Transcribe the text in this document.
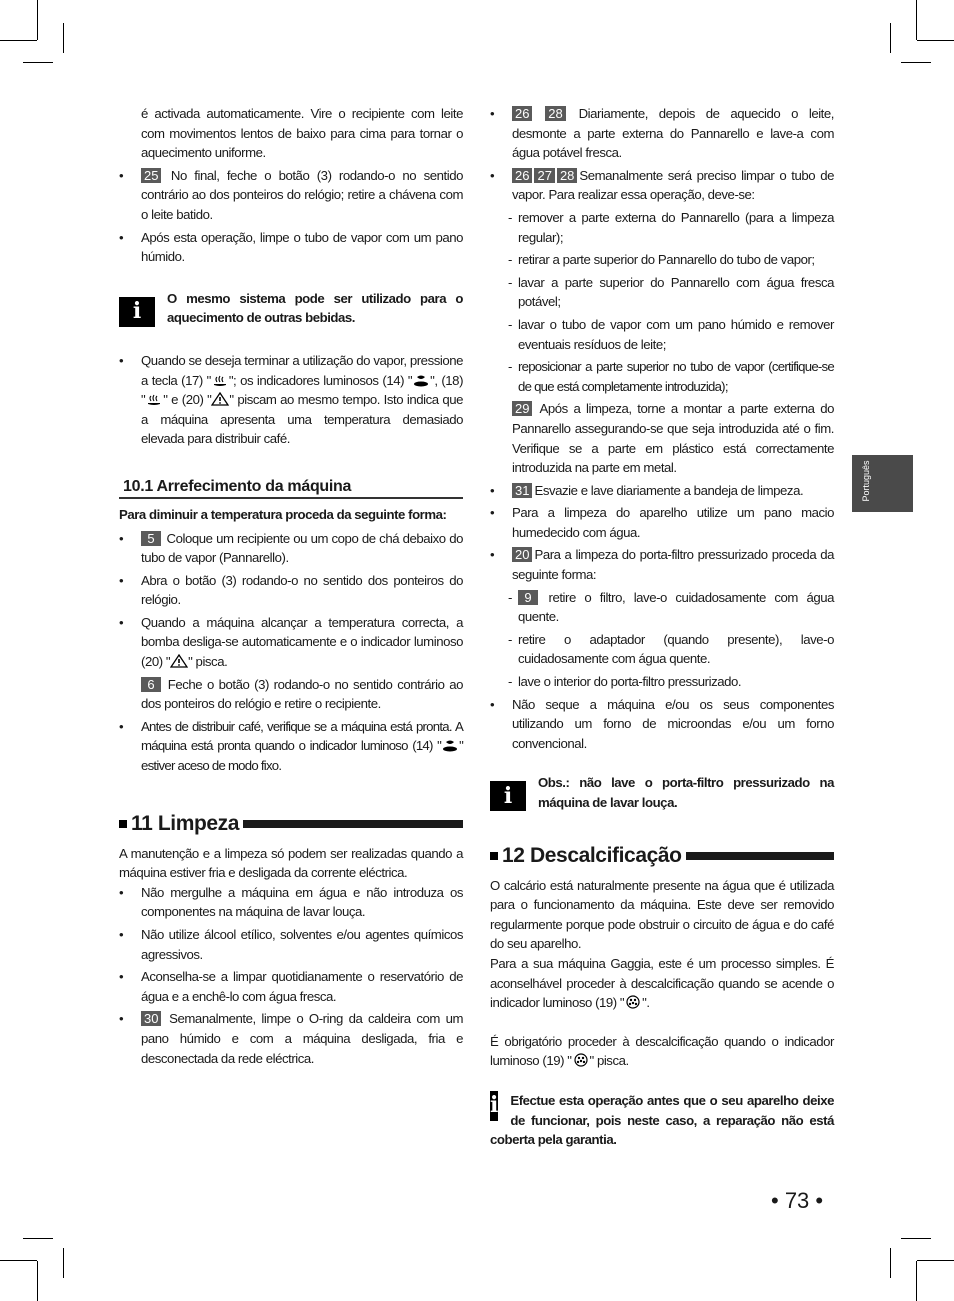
Português

é activada automaticamente. Vire o recipiente com leite com movimentos lentos de baixo para cima para tornar o aquecimento uniforme.

• 25 No final, feche o botão (3) rodando-o no sentido contrário ao dos ponteiros do relógio; retire a chávena com o leite batido.

• Após esta operação, limpe o tubo de vapor com um pano húmido.

i	O mesmo sistema pode ser utilizado para o aquecimento de outras bebidas.

• Quando se deseja terminar a utilização do vapor, pressione a tecla (17) " "; os indicadores luminosos (14) " ", (18) " " e (20) " " piscam ao mesmo tempo. Isto indica que a máquina apresenta uma temperatura demasiado elevada para distribuir café.

10.1 Arrefecimento da máquina

Para diminuir a temperatura proceda da seguinte forma:

• 5 Coloque um recipiente ou um copo de chá debaixo do tubo de vapor (Pannarello).

• Abra o botão (3) rodando-o no sentido dos ponteiros do relógio.

• Quando a máquina alcançar a temperatura correcta, a bomba desliga-se automaticamente e o indicador luminoso (20) " " pisca.

6 Feche o botão (3) rodando-o no sentido contrário ao dos ponteiros do relógio e retire o recipiente.

• Antes de distribuir café, verifique se a máquina está pronta. A máquina está pronta quando o indicador luminoso (14) " " estiver aceso de modo fixo.

11 Limpeza

A manutenção e a limpeza só podem ser realizadas quando a máquina estiver fria e desligada da corrente eléctrica.

• Não mergulhe a máquina em água e não introduza os componentes na máquina de lavar louça.

• Não utilize álcool etílico, solventes e/ou agentes químicos agressivos.

• Aconselha-se a limpar quotidianamente o reservatório de água e a enchê-lo com água fresca.

• 30 Semanalmente, limpe o O-ring da caldeira com um pano húmido e com a máquina desligada, fria e desconectada da rede eléctrica.

• 26 28 Diariamente, depois de aquecido o leite, desmonte a parte externa do Pannarello e lave-a com água potável fresca.

• 26 27 28 Semanalmente será preciso limpar o tubo de vapor. Para realizar essa operação, deve-se:

- remover a parte externa do Pannarello (para a limpeza regular);

- retirar a parte superior do Pannarello do tubo de vapor;

- lavar a parte superior do Pannarello com água fresca potável;

- lavar o tubo de vapor com um pano húmido e remover eventuais resíduos de leite;

- reposicionar a parte superior no tubo de vapor (certifique-se de que está completamente introduzida);

29 Após a limpeza, torne a montar a parte externa do Pannarello assegurando-se que seja introduzida até o fim. Verifique se a parte em plástico está correctamente introduzida na parte em metal.

• 31 Esvazie e lave diariamente a bandeja de limpeza.

• Para a limpeza do aparelho utilize um pano macio humedecido com água.

• 20 Para a limpeza do porta-filtro pressurizado proceda da seguinte forma:

- 9 retire o filtro, lave-o cuidadosamente com água quente.

- retire o adaptador (quando presente), lave-o cuidadosamente com água quente.

- lave o interior do porta-filtro pressurizado.

• Não seque a máquina e/ou os seus componentes utilizando um forno de microondas e/ou um forno convencional.

i	Obs.: não lave o porta-filtro pressurizado na máquina de lavar louça.
12 Descalcificação

O calcário está naturalmente presente na água que é utilizada para o funcionamento da máquina. Este deve ser removido regularmente porque pode obstruir o circuito de água e do café do seu aparelho.

Para a sua máquina Gaggia, este é um processo simples. É aconselhável proceder à descalcificação quando se acende o indicador luminoso (19) " ".

É obrigatório proceder à descalcificação quando o indicador luminoso (19) " " pisca.

i Efectue esta operação antes que o seu aparelho deixe de funcionar, pois neste caso, a reparação não está coberta pela garantia.
• 73 •
